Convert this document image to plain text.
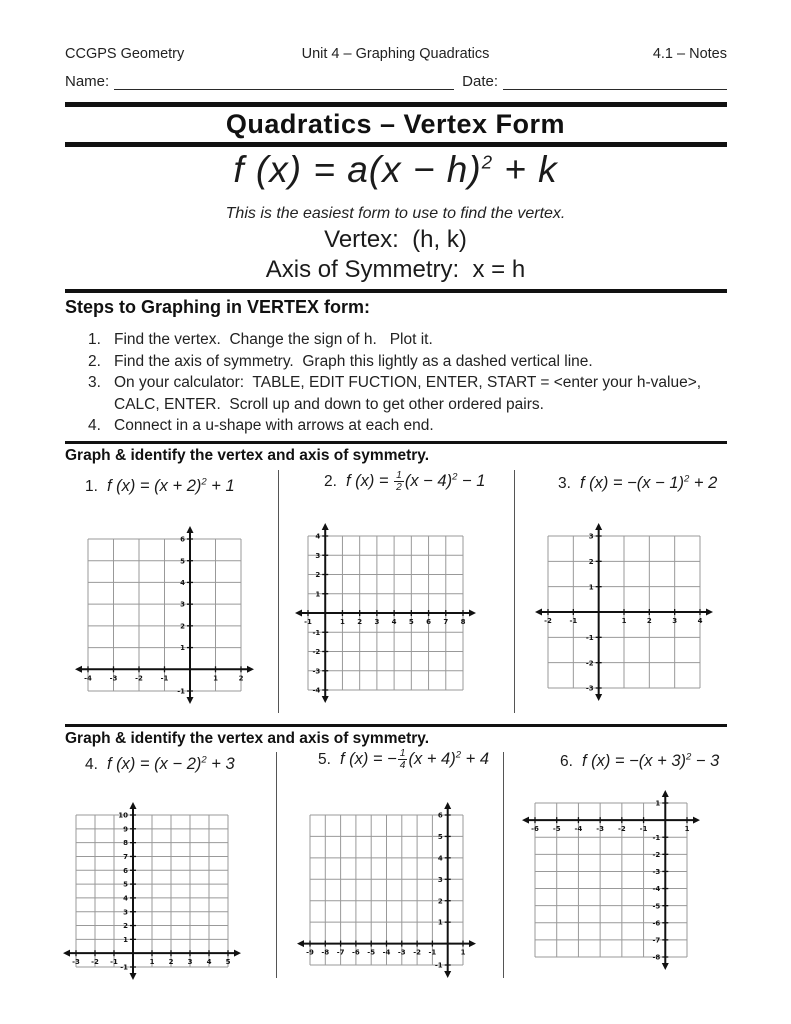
CCGPS Geometry	Unit 4 – Graphing Quadratics	4.1 – Notes
Name:	Date:
Quadratics – Vertex Form
f $(x) = a(x - h)^2 + k$
This is the easiest form to use to find the vertex.
Vertex:  (h, k)
Axis of Symmetry:  x = h
Steps to Graphing in VERTEX form:
1. Find the vertex.  Change the sign of h.   Plot it.
2. Find the axis of symmetry.  Graph this lightly as a dashed vertical line.
3. On your calculator:  TABLE, EDIT FUCTION, ENTER, START = <enter your h-value>, CALC, ENTER.  Scroll up and down to get other ordered pairs.
4. Connect in a u-shape with arrows at each end.
Graph & identify the vertex and axis of symmetry.
1. f $(x) = (x + 2)^2 + 1$	2. f $(x) = \frac{1}{2} (x - 4)^2 - 1$	3. f $(x) = -(x - 1)^2 + 2$
-4	-3	-2	-1	1	2
-1
1
2
3
4
5
6
-1	1 2 3 4 5 6 7 8
-4
-3
-2
-1
1
2
3
4
-2	-1	1	2	3	4
-3
-2
-1
1
2
3
Graph & identify the vertex and axis of symmetry.
4. f $(x) = (x - 2)^2 + 3$	5. f (x) = − $\frac{1}{4} (x + 4)^2 + 4$	6. f $(x) = -(x + 3)^2 - 3$
-3 -2 -1	1 2 3 4 5
-1
1
2
3
4
5
6
7
8
9
10
-9 -8 -7 -6 -5 -4 -3 -2 -1	1
-1
1
2
3
4
5
6
-6 -5 -4 -3 -2 -1	1
-8
-7
-6
-5
-4
-3
-2
-1
1
